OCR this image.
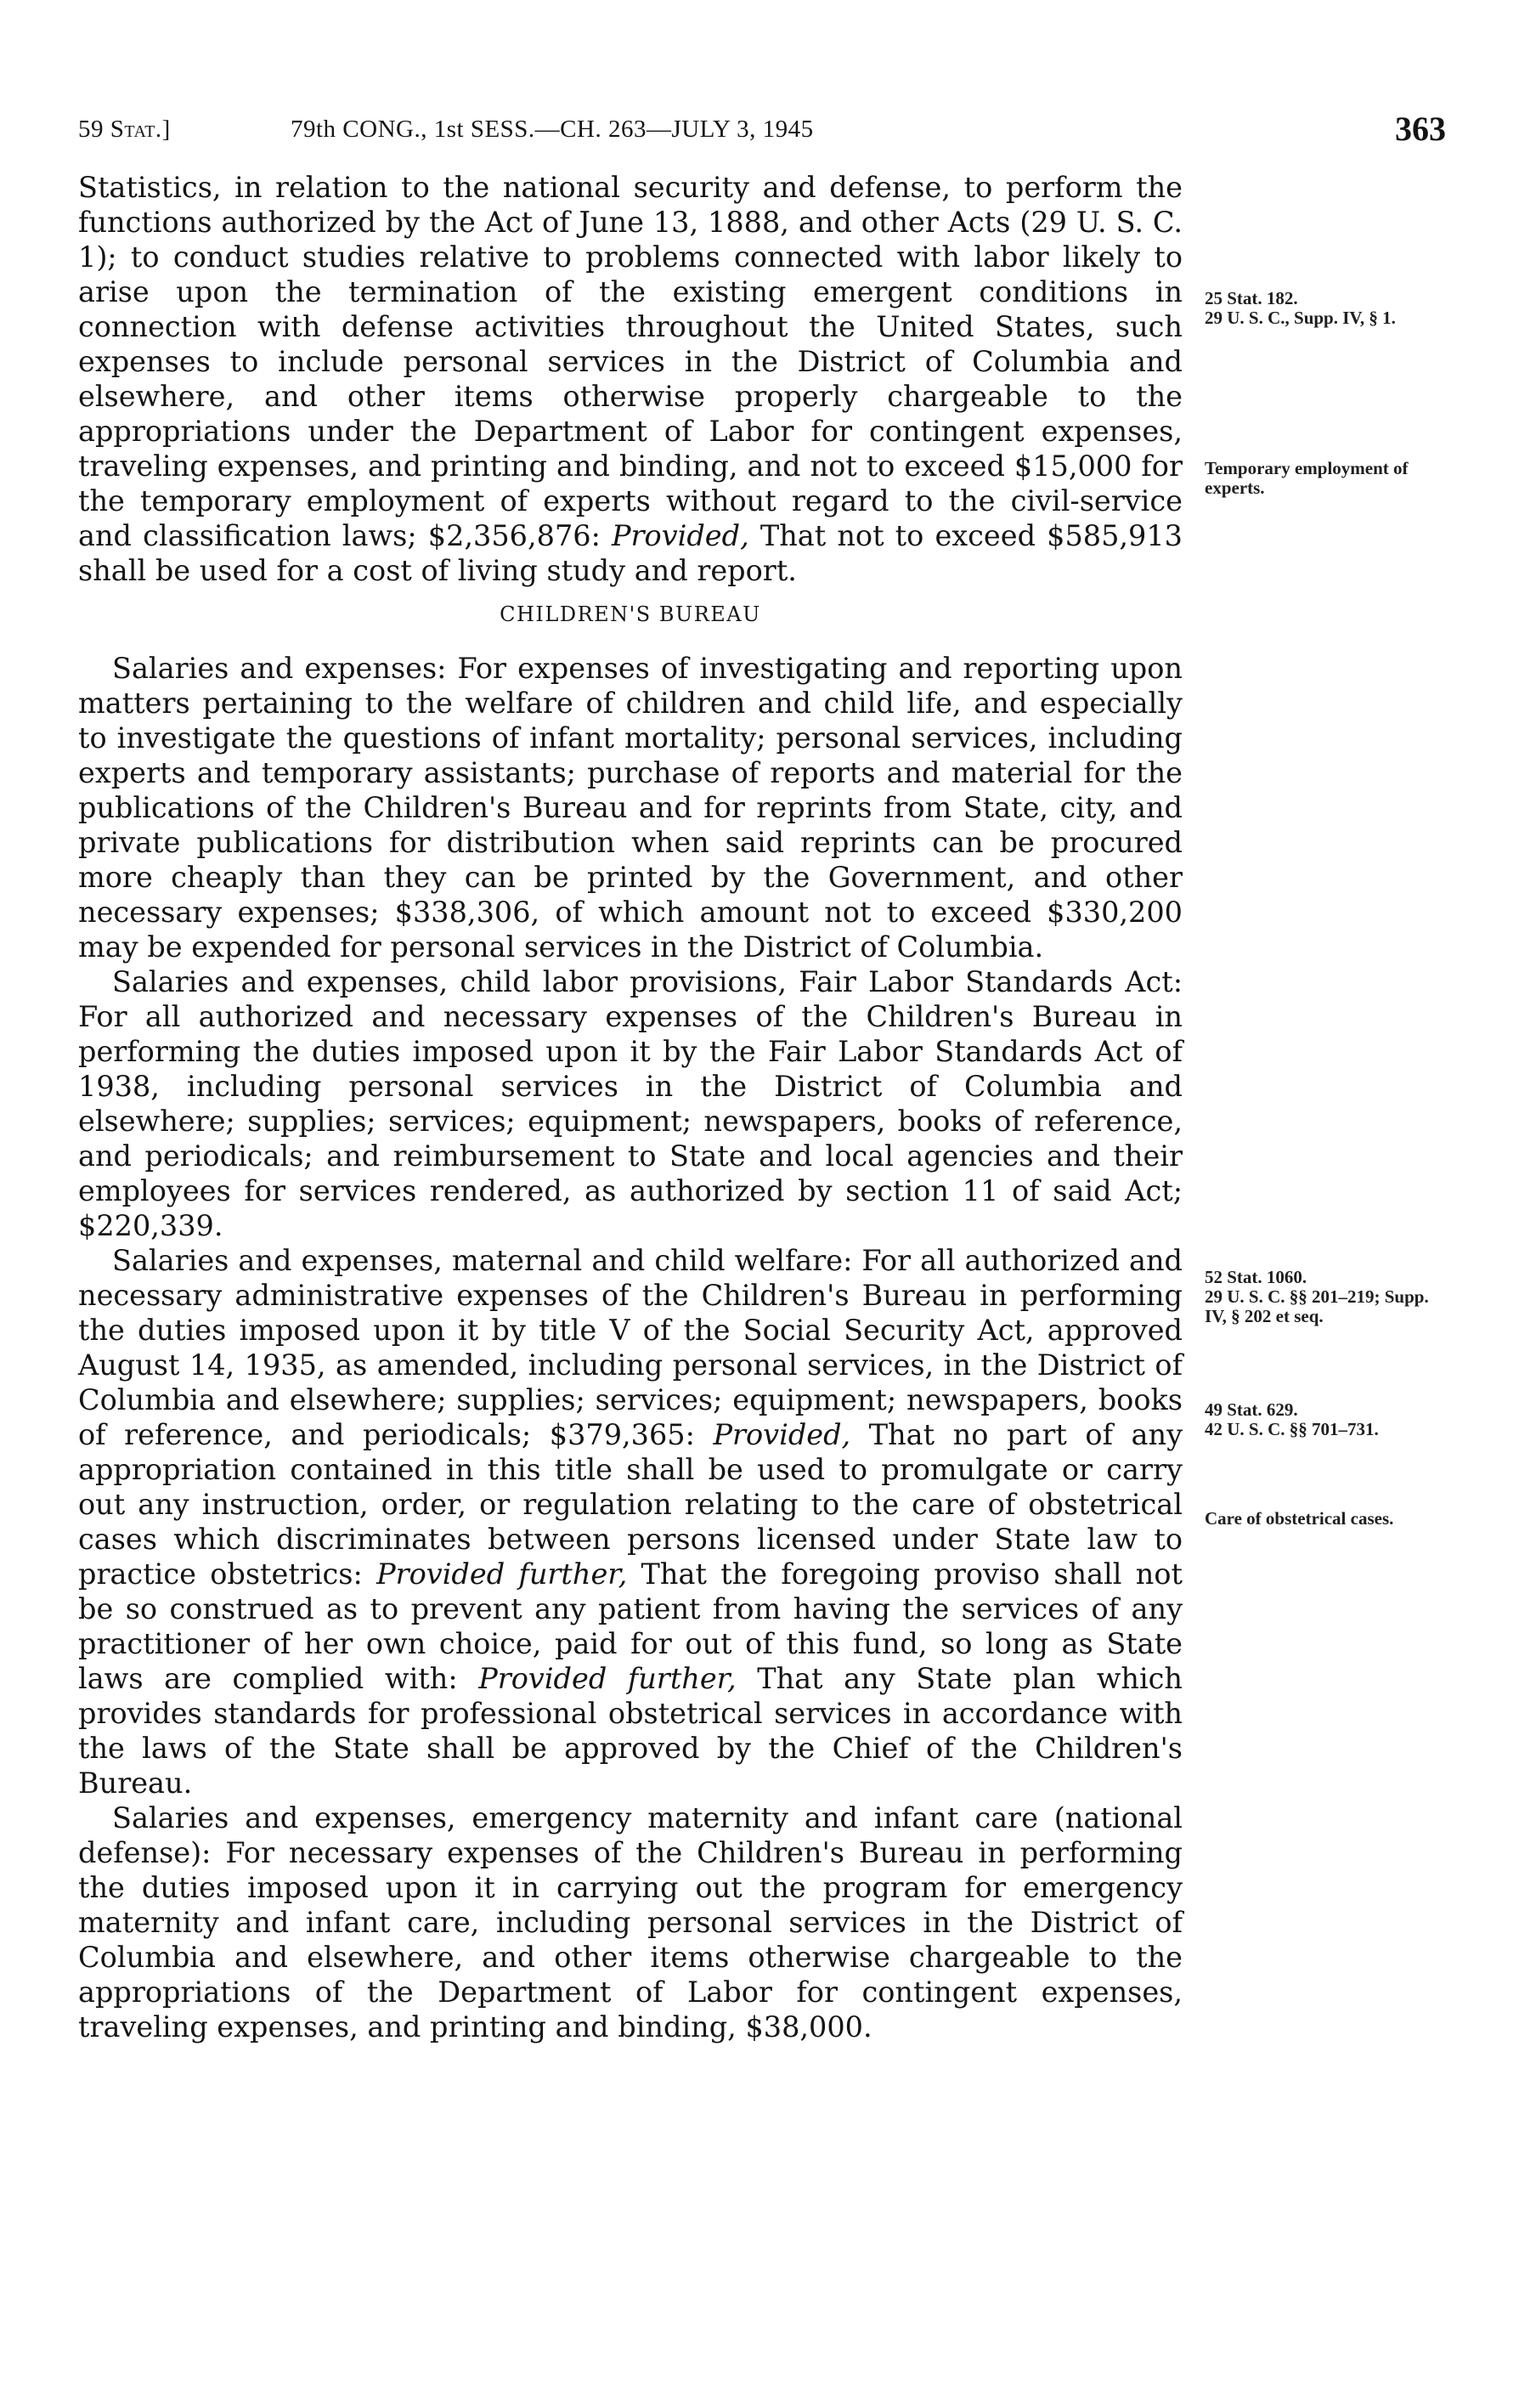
59 Stat.]	79th CONG., 1st SESS.—CH. 263—JULY 3, 1945	363

Statistics, in relation to the national security and defense, to perform the functions authorized by the Act of June 13, 1888, and other Acts (29 U. S. C. 1); to conduct studies relative to problems connected with labor likely to arise upon the termination of the existing emergent conditions in connection with defense activities throughout the United States, such expenses to include personal services in the District of Columbia and elsewhere, and other items otherwise properly chargeable to the appropriations under the Department of Labor for contingent expenses, traveling expenses, and printing and binding, and not to exceed $15,000 for the temporary employment of experts without regard to the civil-service and classification laws; $2,356,876: Provided, That not to exceed $585,913 shall be used for a cost of living study and report.

CHILDREN'S BUREAU

Salaries and expenses: For expenses of investigating and reporting upon matters pertaining to the welfare of children and child life, and especially to investigate the questions of infant mortality; personal services, including experts and temporary assistants; purchase of reports and material for the publications of the Children's Bureau and for reprints from State, city, and private publications for distribution when said reprints can be procured more cheaply than they can be printed by the Government, and other necessary expenses; $338,306, of which amount not to exceed $330,200 may be expended for personal services in the District of Columbia.

Salaries and expenses, child labor provisions, Fair Labor Standards Act: For all authorized and necessary expenses of the Children's Bureau in performing the duties imposed upon it by the Fair Labor Standards Act of 1938, including personal services in the District of Columbia and elsewhere; supplies; services; equipment; newspapers, books of reference, and periodicals; and reimbursement to State and local agencies and their employees for services rendered, as authorized by section 11 of said Act; $220,339.

Salaries and expenses, maternal and child welfare: For all authorized and necessary administrative expenses of the Children's Bureau in performing the duties imposed upon it by title V of the Social Security Act, approved August 14, 1935, as amended, including personal services, in the District of Columbia and elsewhere; supplies; services; equipment; newspapers, books of reference, and periodicals; $379,365: Provided, That no part of any appropriation contained in this title shall be used to promulgate or carry out any instruction, order, or regulation relating to the care of obstetrical cases which discriminates between persons licensed under State law to practice obstetrics: Provided further, That the foregoing proviso shall not be so construed as to prevent any patient from having the services of any practitioner of her own choice, paid for out of this fund, so long as State laws are complied with: Provided further, That any State plan which provides standards for professional obstetrical services in accordance with the laws of the State shall be approved by the Chief of the Children's Bureau.

Salaries and expenses, emergency maternity and infant care (national defense): For necessary expenses of the Children's Bureau in performing the duties imposed upon it in carrying out the program for emergency maternity and infant care, including personal services in the District of Columbia and elsewhere, and other items otherwise chargeable to the appropriations of the Department of Labor for contingent expenses, traveling expenses, and printing and binding, $38,000.

25 Stat. 182.
29 U. S. C., Supp. IV, § 1.
Temporary employment of experts.
52 Stat. 1060.
29 U. S. C. §§ 201–219; Supp. IV, § 202 et seq.
49 Stat. 629.
42 U. S. C. §§ 701–731.
Care of obstetrical cases.
